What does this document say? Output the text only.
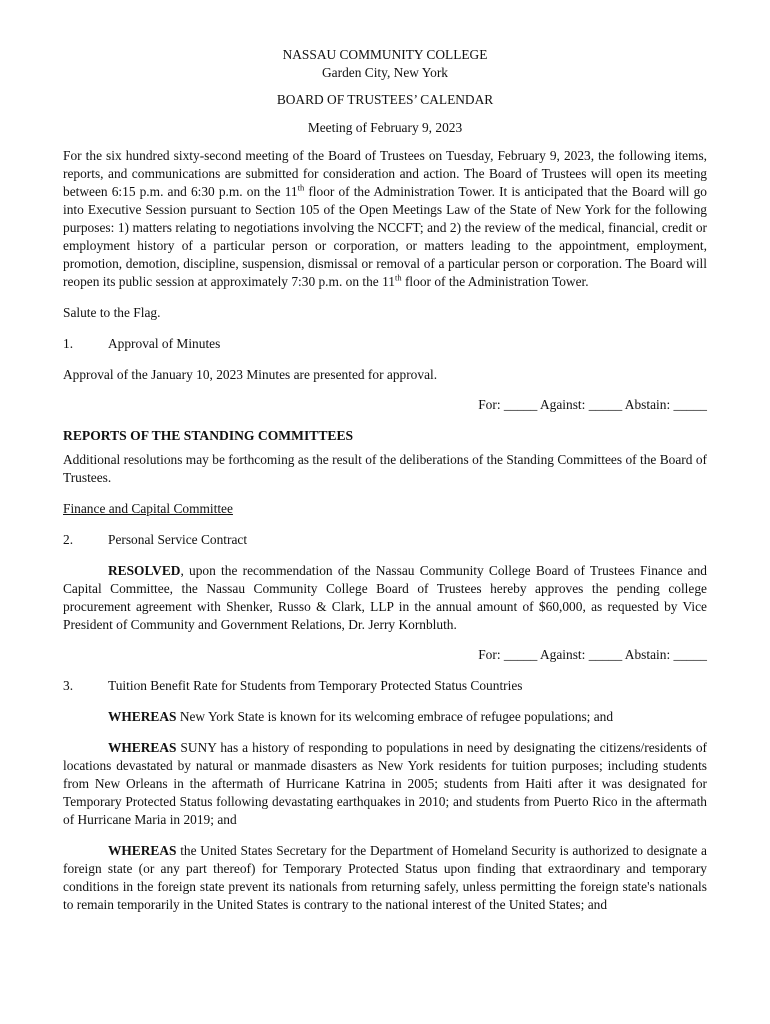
NASSAU COMMUNITY COLLEGE

Garden City, New York

BOARD OF TRUSTEES’ CALENDAR

Meeting of February 9, 2023

For the six hundred sixty-second meeting of the Board of Trustees on Tuesday, February 9, 2023, the following items, reports, and communications are submitted for consideration and action. The Board of Trustees will open its meeting between 6:15 p.m. and 6:30 p.m. on the 11th floor of the Administration Tower. It is anticipated that the Board will go into Executive Session pursuant to Section 105 of the Open Meetings Law of the State of New York for the following purposes: 1) matters relating to negotiations involving the NCCFT; and 2) the review of the medical, financial, credit or employment history of a particular person or corporation, or matters leading to the appointment, employment, promotion, demotion, discipline, suspension, dismissal or removal of a particular person or corporation. The Board will reopen its public session at approximately 7:30 p.m. on the 11th floor of the Administration Tower.

Salute to the Flag.

1.	Approval of Minutes

Approval of the January 10, 2023 Minutes are presented for approval.

For: _____ Against: _____ Abstain: _____

REPORTS OF THE STANDING COMMITTEES

Additional resolutions may be forthcoming as the result of the deliberations of the Standing Committees of the Board of Trustees.

Finance and Capital Committee

2.	Personal Service Contract

RESOLVED, upon the recommendation of the Nassau Community College Board of Trustees Finance and Capital Committee, the Nassau Community College Board of Trustees hereby approves the pending college procurement agreement with Shenker, Russo & Clark, LLP in the annual amount of $60,000, as requested by Vice President of Community and Government Relations, Dr. Jerry Kornbluth.

For: _____ Against: _____ Abstain: _____

3.	Tuition Benefit Rate for Students from Temporary Protected Status Countries

WHEREAS New York State is known for its welcoming embrace of refugee populations; and

WHEREAS SUNY has a history of responding to populations in need by designating the citizens/residents of locations devastated by natural or manmade disasters as New York residents for tuition purposes; including students from New Orleans in the aftermath of Hurricane Katrina in 2005; students from Haiti after it was designated for Temporary Protected Status following devastating earthquakes in 2010; and students from Puerto Rico in the aftermath of Hurricane Maria in 2019; and

WHEREAS the United States Secretary for the Department of Homeland Security is authorized to designate a foreign state (or any part thereof) for Temporary Protected Status upon finding that extraordinary and temporary conditions in the foreign state prevent its nationals from returning safely, unless permitting the foreign state's nationals to remain temporarily in the United States is contrary to the national interest of the United States; and
